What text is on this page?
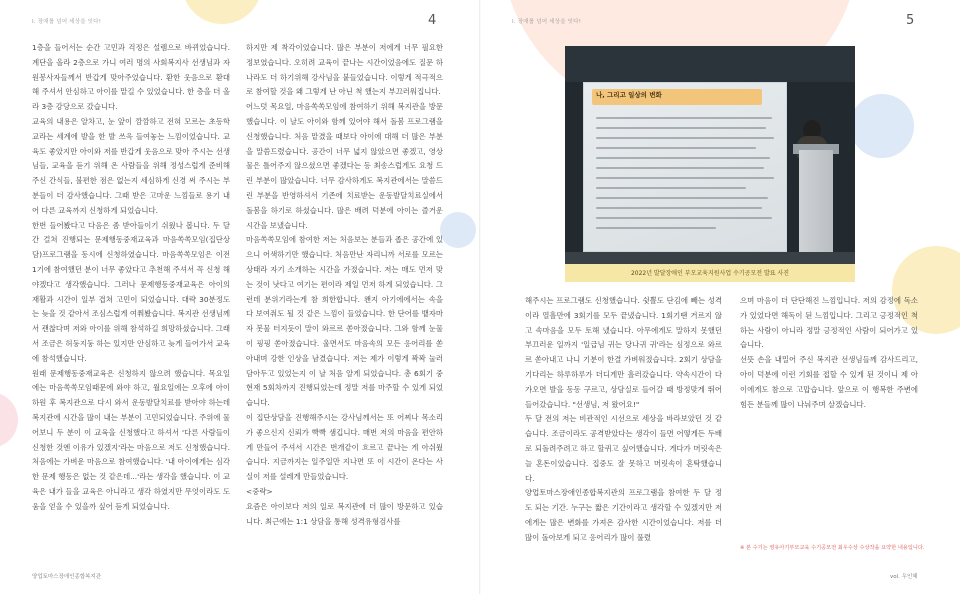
I. 장애를 넘어 세상을 잇다!	4

1층을 들어서는 순간 고민과 걱정은 설렘으로 바뀌었습니다. 계단을 올라 2층으로 가니 여러 명의 사회복지사 선생님과 자원봉사자들께서 반갑게 맞아주었습니다. 환한 웃음으로 환대해 주셔서 안심하고 아이를 맡길 수 있었습니다. 한 층을 더 올라 3층 강당으로 갔습니다.

교육의 내용은 알차고, 눈 앞이 깜깜하고 전혀 모르는 초등학교라는 세계에 발을 한 발 쓰윽 들여놓는 느낌이었습니다. 교육도 좋았지만 아이와 저를 반갑게 웃음으로 맞아 주시는 선생님들, 교육을 듣기 위해 온 사람들을 위해 정성스럽게 준비해주신 간식들, 불편한 점은 없는지 세심하게 신경 써 주시는 부분들이 더 감사했습니다. 그때 받은 고마운 느낌들로 용기 내어 다른 교육까지 신청하게 되었습니다.

한번 들어봤다고 다음은 좀 받아들이기 쉬웠나 봅니다. 두 달 간 걸쳐 진행되는 문제행동중재교육과 마음쏙쏙모임(집단상담)프로그램을 동시에 신청하였습니다. 마음쏙쏙모임은 이전 1기에 참여했던 분이 너무 좋았다고 추천해 주셔서 꼭 신청 해야겠다고 생각했습니다. 그러나 문제행동중재교육은 아이의 재활과 시간이 일부 겹쳐 고민이 되었습니다. 대략 30분정도는 늦을 것 같아서 조심스럽게 여쭤봤습니다. 복지관 선생님께서 괜찮다며 저와 아이를 위해 참석하길 희망하셨습니다. 그래서 조금은 허둥지둥 하는 있지만 안심하고 늦게 들어가서 교육에 참석했습니다.

원래 문제행동중재교육은 신청하지 않으려 했습니다. 목요일에는 마음쏙쏙모임때문에 와야 하고, 월요일에는 오후에 아이 하원 후 복지관으로 다시 와서 운동발달치료를 받아야 하는데 복지관에 시간을 많이 내는 부분이 고민되었습니다. 주위에 물어보니 두 분이 이 교육을 신청했다고 하셔서 '다른 사람들이 신청한 것엔 이유가 있겠지'라는 마음으로 저도 신청했습니다. 처음에는 가벼운 마음으로 참여했습니다. '내 아이에게는 심각한 문제 행동은 없는 것 같은데...'라는 생각을 했습니다. 이 교육은 내가 들을 교육은 아니라고 생각 하였지만 무엇이라도 도움을 얻을 수 있을까 싶어 듣게 되었습니다.

하지만 제 착각이었습니다. 많은 부분이 저에게 너무 필요한 정보였습니다. 오히려 교육이 끝나는 시간이었음에도 질문 하나라도 더 하기위해 강사님을 붙들었습니다. 이렇게 적극적으로 참여할 것을 왜 그렇게 난 아닌 척 했는지 부끄러워집니다.

어느덧 목요일, 마음쏙쏙모임에 참여하기 위해 복지관을 방문했습니다. 이 날도 아이와 함께 있어야 해서 돌봄 프로그램을 신청했습니다. 처음 맡겼을 때보다 아이에 대해 더 많은 부분을 말씀드렸습니다. 공간이 너무 넓지 않았으면 좋겠고, 영상물은 틀어주지 않으셨으면 좋겠다는 등 최송스럽게도 요청 드린 부분이 많았습니다. 너무 감사하게도 복지관에서는 말씀드린 부분을 반영하셔서 기존에 치료받는 운동발달치료실에서 돌봄을 하기로 하셨습니다. 많은 배려 덕분에 아이는 즐거운 시간을 보냈습니다.

마음쏙쏙모임에 참여한 저는 처음보는 분들과 좁은 공간에 있으니 어색하기만 했습니다. 처음만난 자리니까 서로를 모르는 상태라 자기 소개하는 시간을 가졌습니다. 저는 매도 먼저 맞는 것이 낫다고 여기는 편이라 제일 먼저 하게 되었습니다. 그런데 분위기라는게 참 희한합니다. 왠지 아기에에서는 속을 다 보여줘도 될 것 같은 느낌이 들었습니다. 한 단어를 뱉자마자 봇물 터지듯이 말이 와르르 쏟아졌습니다. 그와 함께 눈물이 핑핑 쏟아졌습니다. 울면서도 마음속의 모든 응어리를 쏟아내며 강한 인상을 남겼습니다. 저는 제가 이렇게 꽉꽉 눌러 담아두고 있었는지 이 날 처음 알게 되었습니다. 총 6회기 중 현재 5회차까지 진행되었는데 정말 저를 마주할 수 있게 되었습니다.

이 집단상담을 진행해주시는 강사님께서는 또 어찌나 목소리가 좋으신지 신뢰가 빡빡 샘깁니다. 매번 저의 마음을 편안하게 만들어 주셔서 시간은 번개같이 흐르고 끝나는 게 아쉬웠습니다. 지금까지는 일주일만 지나면 또 이 시간이 온다는 사실이 저를 설레게 만들었습니다.

<중략>

요즘은 아이보다 저의 일로 복지관에 더 많이 방문하고 있습니다. 최근에는 1:1 상담을 통해 성격유형검사를

양업토마스장애인종합복지관
I. 장애를 넘어 세상을 잇다!	5

해주시는 프로그램도 신청했습니다. 쉿뽈도 단김에 빼는 성격이라 열흘만에 3회기를 모두 끝냈습니다. 1회기땐 거르지 않고 속마음을 모두 토해 냈습니다. 아무에게도 말하지 못했던 부끄러운 일까지 '일급님 귀는 당나귀 귀'라는 심정으로 와르르 쏟아내고 나니 기분이 한결 가벼워졌습니다. 2회기 상담을 기다리는 하루하루가 더디게만 흘러갔습니다. 약속시간이 다가오면 발을 동동 구르고, 상담실로 들어갈 때 방정맞게 뛰어 들어갔습니다. "선생님, 저 왔어요!"

두 달 전의 저는 비관적인 시선으로 세상을 바라보았던 것 같습니다. 조금이라도 공격받았다는 생각이 들면 어떻게든 두배로 되돌려주려고 하고 할퀴고 싶어했습니다. 게다가 머릿속은 늘 혼돈이었습니다. 집중도 잘 못하고 머릿속이 혼탁했습니다.

양업토마스장애인종합복지관의 프로그램을 참여한 두 달 정도 되는 기간. 누구는 짧은 기간이라고 생각할 수 있겠지만 저에게는 많은 변화를 가져온 감사한 시간이었습니다. 저를 더 많이 돌아보게 되고 응어리가 많이 풀렸

으며 마음이 더 단단해진 느낌입니다. 저의 감정에 독소가 있었다면 해독이 된 느낌입니다. 그리고 긍정적인 척하는 사람이 아니라 정말 긍정적인 사람이 되어가고 있습니다.

선뜻 손을 내밀어 주신 복지관 선생님들께 감사드리고, 아이 덕분에 이런 기회를 접할 수 있게 된 것이니 제 아이에게도 참으로 고맙습니다. 앞으로 이 행복한 주변에 힘든 분들께 많이 나눠주며 살겠습니다.

※ 본 수기는 영유아기부모교육 수기공모전 최우수상 수상작을 요약한 내용입니다.
vol. 우인혜
나, 그리고 일상의 변화
2022년 발달장애인 부모교육지원사업 수기공모전 발표 사진
